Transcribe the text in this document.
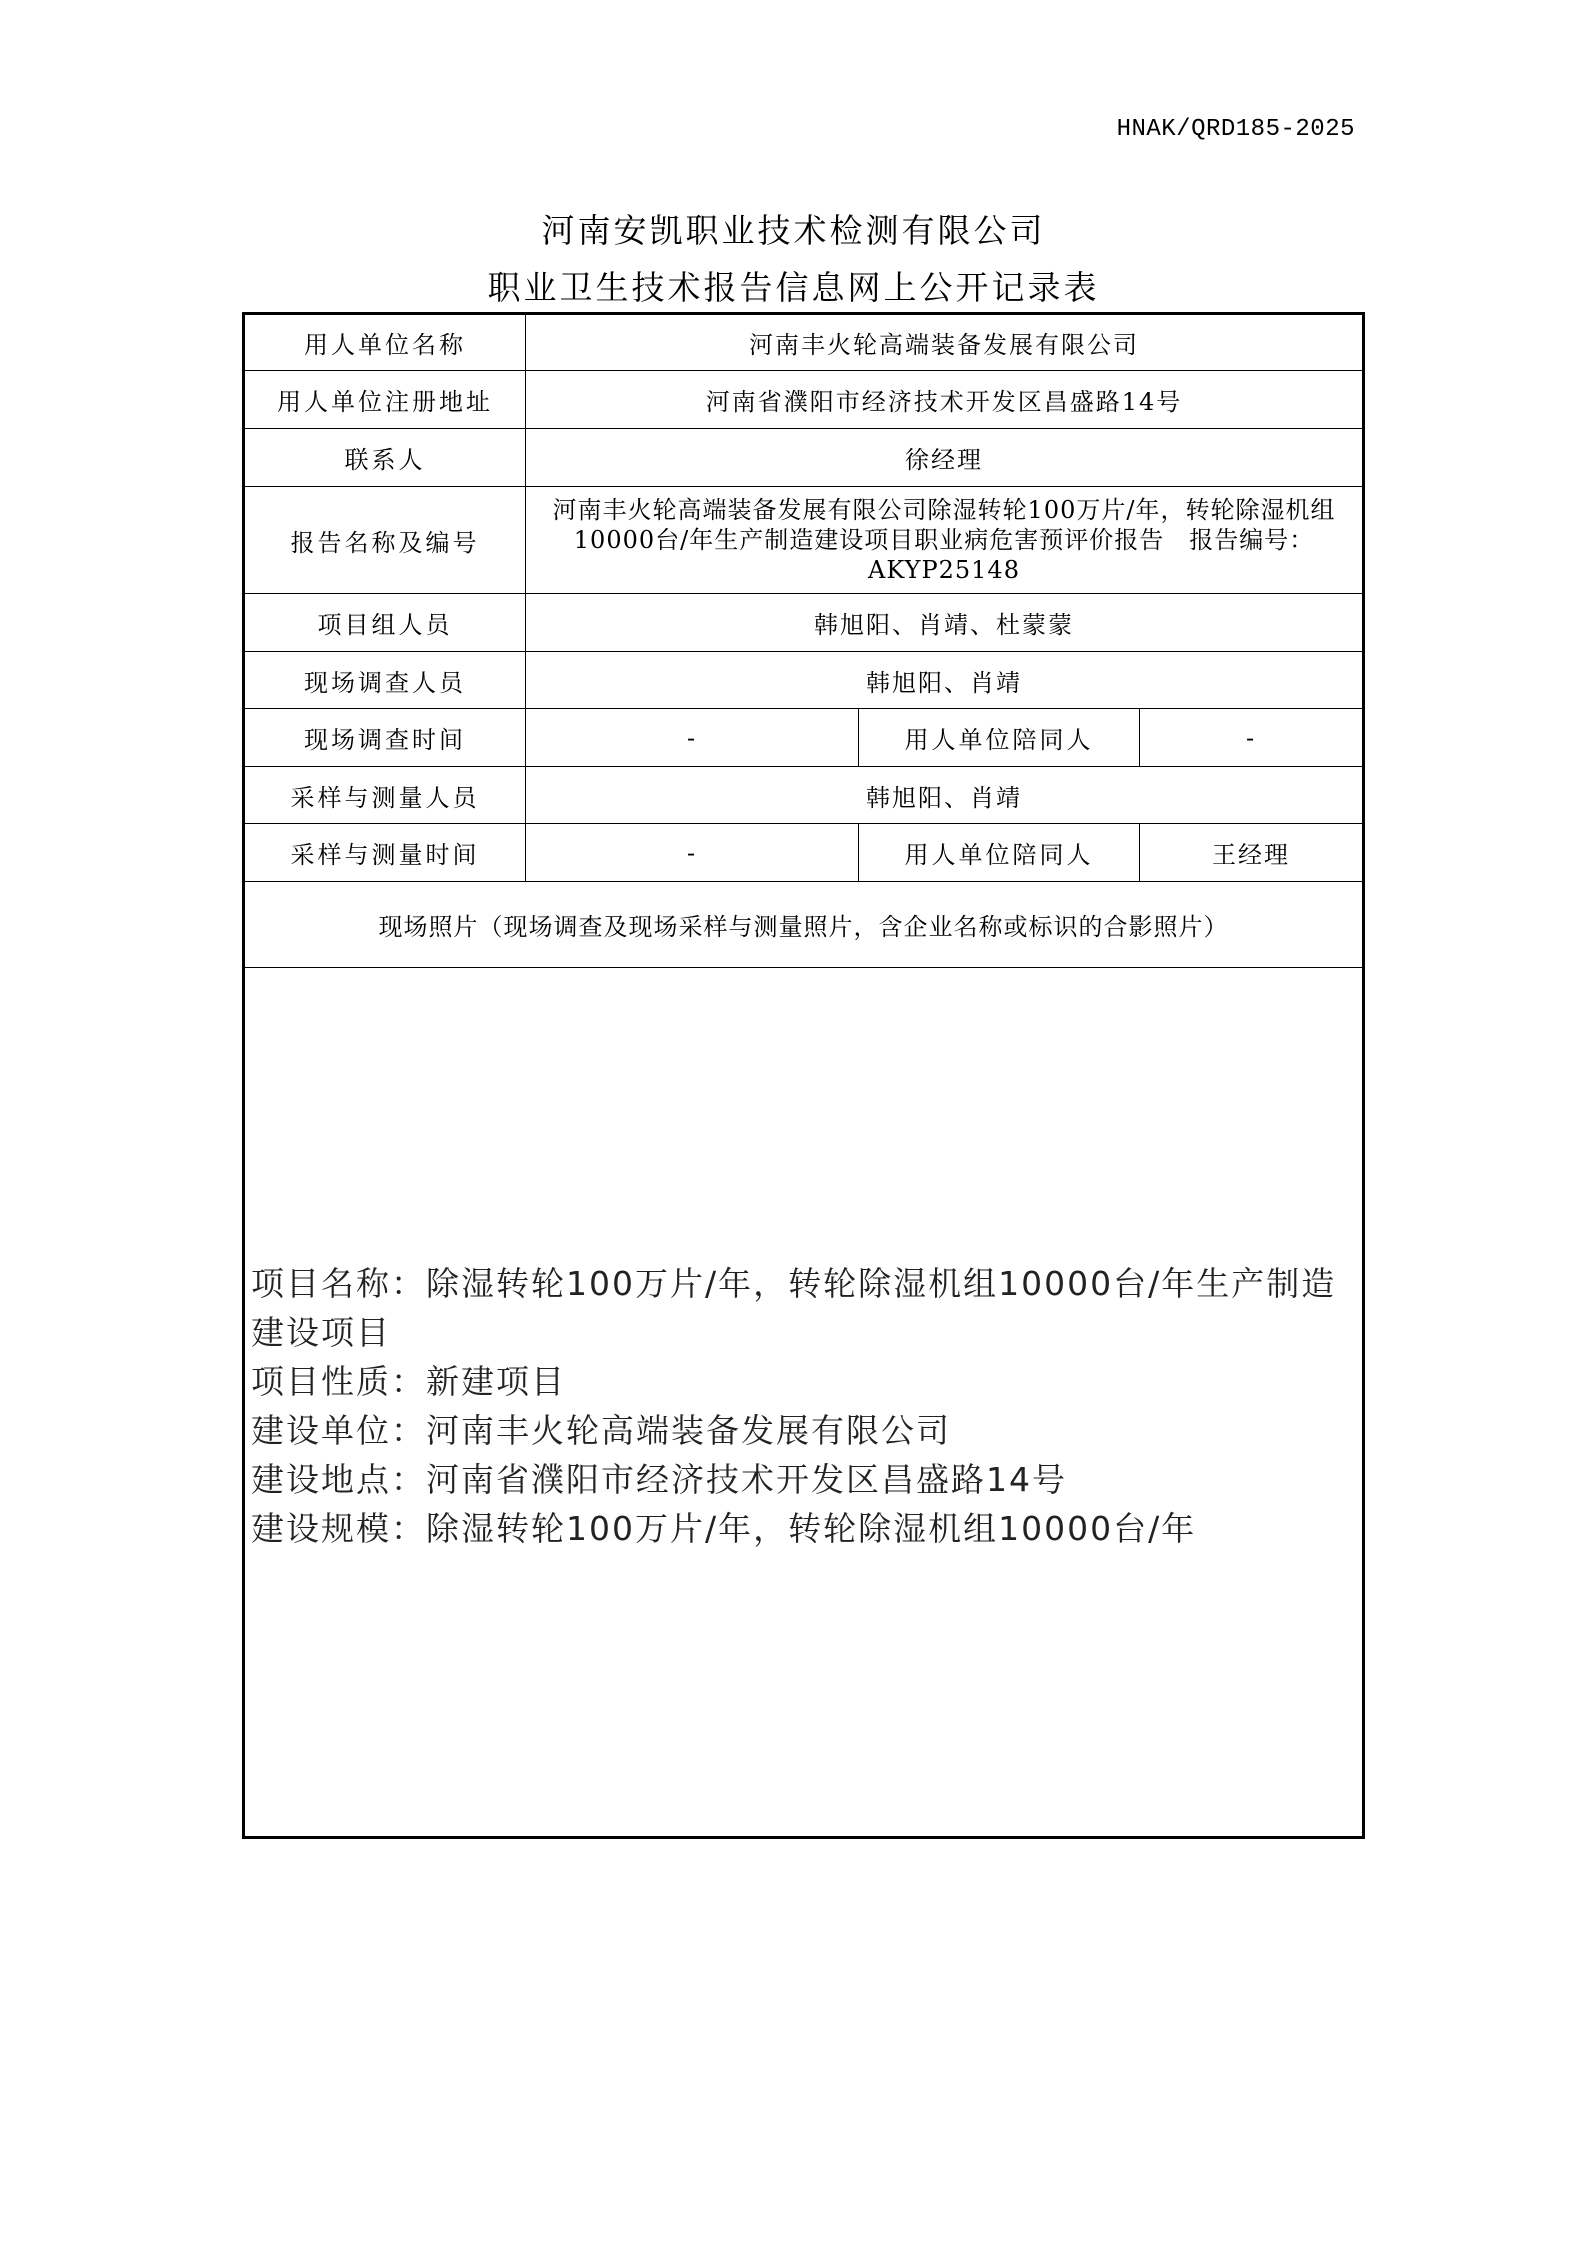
HNAK/QRD185-2025
河南安凯职业技术检测有限公司
职业卫生技术报告信息网上公开记录表
用人单位名称	河南丰火轮高端装备发展有限公司		
用人单位注册地址	河南省濮阳市经济技术开发区昌盛路14号		
联系人	徐经理		
报告名称及编号	河南丰火轮高端装备发展有限公司除湿转轮100万片/年，转轮除湿机组10000台/年生产制造建设项目职业病危害预评价报告　报告编号：AKYP25148		
项目组人员	韩旭阳、肖靖、杜蒙蒙		
现场调查人员	韩旭阳、肖靖		
现场调查时间	-	用人单位陪同人	-
采样与测量人员	韩旭阳、肖靖		
采样与测量时间	-	用人单位陪同人	王经理
现场照片（现场调查及现场采样与测量照片，含企业名称或标识的合影照片）			

项目名称：除湿转轮100万片/年，转轮除湿机组10000台/年生产制造建设项目
项目性质：新建项目
建设单位：河南丰火轮高端装备发展有限公司
建设地点：河南省濮阳市经济技术开发区昌盛路14号
建设规模：除湿转轮100万片/年，转轮除湿机组10000台/年			
